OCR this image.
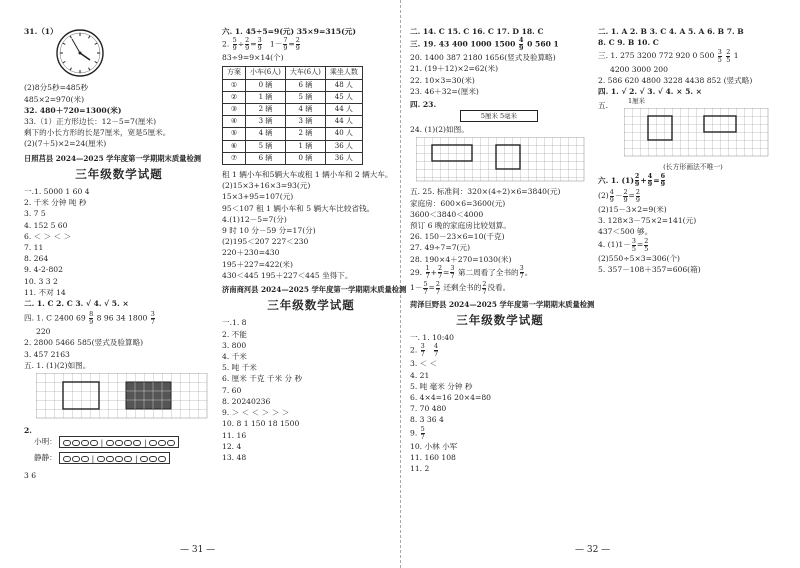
31.（1）
(2)8分5秒=485秒
485×2=970(米)
32. 480＋720=1300(米)
33.（1）正方形边长：12－5=7(厘米)
剩下的小长方形的长是7厘米，宽是5厘米。
(2)(7＋5)×2=24(厘米)
日照莒县 2024—2025 学年度第一学期期末质量检测
三年级数学试题
一.1. 5000 1 60 4
2. 千米 分钟 吨 秒
3. 7 5
4. 152 5 60
6. ＜ ＞ ＜ ＞
7. 11
8. 264
9. 4-2-802
10. 3 3 2
11. 不对 14
二. 1. C 2. C 3. √ 4. √ 5. ×
四. 1. C 2400 $69 \frac{8}{9} 8$ 96 34 $1800 \frac{3}{7}$
220
2. 2800 5466 585(竖式及验算略)
3. 457 2163
五. 1. (1)(2)如图。
2.
小明：	|	|
静静：	|	|
3 6
六. 1. 45÷5=9(元) 35×9=315(元)
2. $\frac{5}{9} \div \frac{2}{9} = \frac{3}{9} 1- \frac{7}{9} = \frac{2}{9}$
83÷9=9×14(个)
方案	小车(6人)	大车(6人)	乘坐人数
①	0 辆	6 辆	48 人
②	1 辆	5 辆	45 人
③	2 辆	4 辆	44 人
④	3 辆	3 辆	44 人
⑤	4 辆	2 辆	40 人
⑥	5 辆	1 辆	36 人
⑦	6 辆	0 辆	36 人
租 1 辆小车和5辆大车或租 1 辆小车和 2 辆大车。
(2)15×3+16×3=93(元)
15×3+95=107(元)
95＜107 租 1 辆小车和 5 辆大车比较省钱。
4.(1)12－5=7(分)
9 时 10 分－59 分=17(分)
(2)195＜207 227＜230
220＋230=430
195＋227=422(米)
430＜445 195＋227＜445 坐得下。
济南商河县 2024—2025 学年度第一学期期末质量检测
三年级数学试题
一.1. 8
2. 不能
3. 800
4. 千米
5. 吨 千米
6. 厘米 千克 千米 分 秒
7. 60
8. 20240236
9. ＞ ＜ ＜ ＞ ＞ ＞
10. 8 1 150 18 1500
11. 16
12. 4
13. 48
二. 14. C 15. C 16. C 17. D 18. C
三. 19. 43 400 1000 $1500 \frac{4}{9} 0$ 560 1
20. 1400 387 2180 1656(竖式及验算略)
21. (19＋12)×2=62(米)
22. 10×3=30(米)
23. 46＋32=(厘米)
四. 23.
5厘米 5毫米
24. (1)(2)如图。
五. 25. 标准间：320×(4÷2)×6=3840(元)
家庭房：600×6=3600(元)
3600＜3840＜4000
预订 6 晚的家庭房比较划算。
26. 150－23×6=10(千克)
27. 49÷7=7(元)
28. 190×4＋270=1030(米)
29. $\frac{1}{7} + \frac{2}{7} = \frac{3}{7}$ 第二周看了全书的 $\frac{3}{7}$ 。
$1- \frac{5}{7} = \frac{2}{7}$ 还剩全书的 $\frac{2}{7}$ 没看。
菏泽巨野县 2024—2025 学年度第一学期期末质量检测
三年级数学试题
一. 1. 10:40
2. $\frac{3}{7}$
$\frac{4}{7}$
3. ＜ ＜
4. 21
5. 吨 毫米 分钟 秒
6. 4×4=16 20×4=80
7. 70 480
8. 3 36 4
9. $\frac{5}{7}$
10. 小林 小军
11. 160 108
11. 2
二. 1. A 2. B 3. C 4. A 5. A 6. B 7. B
8. C 9. B 10. C
三. 1. 275 3200 772 920 0 $500 \frac{3}{5}$
$\frac{2}{5} 1$
4200 3000 200
2. 586 620 4800 3228 4438 852 (竖式略)
四. 1. √ 2. √ 3. √ 4. × 5. ×
五.	1厘米
(长方形画法不唯一)
六. 1. $(1) \frac{2}{9} + \frac{4}{9} = \frac{6}{9}$
$(2) \frac{4}{9} - \frac{2}{9} = \frac{2}{9}$
(2)15－3×2=9(米)
3. 128×3－75×2=141(元)
437＜500 够。
4. $(1)1- \frac{3}{5} = \frac{2}{5}$
(2)550÷5×3=306(个)
5. 357－108＋357=606(箱)
— 31 —	— 32 —
